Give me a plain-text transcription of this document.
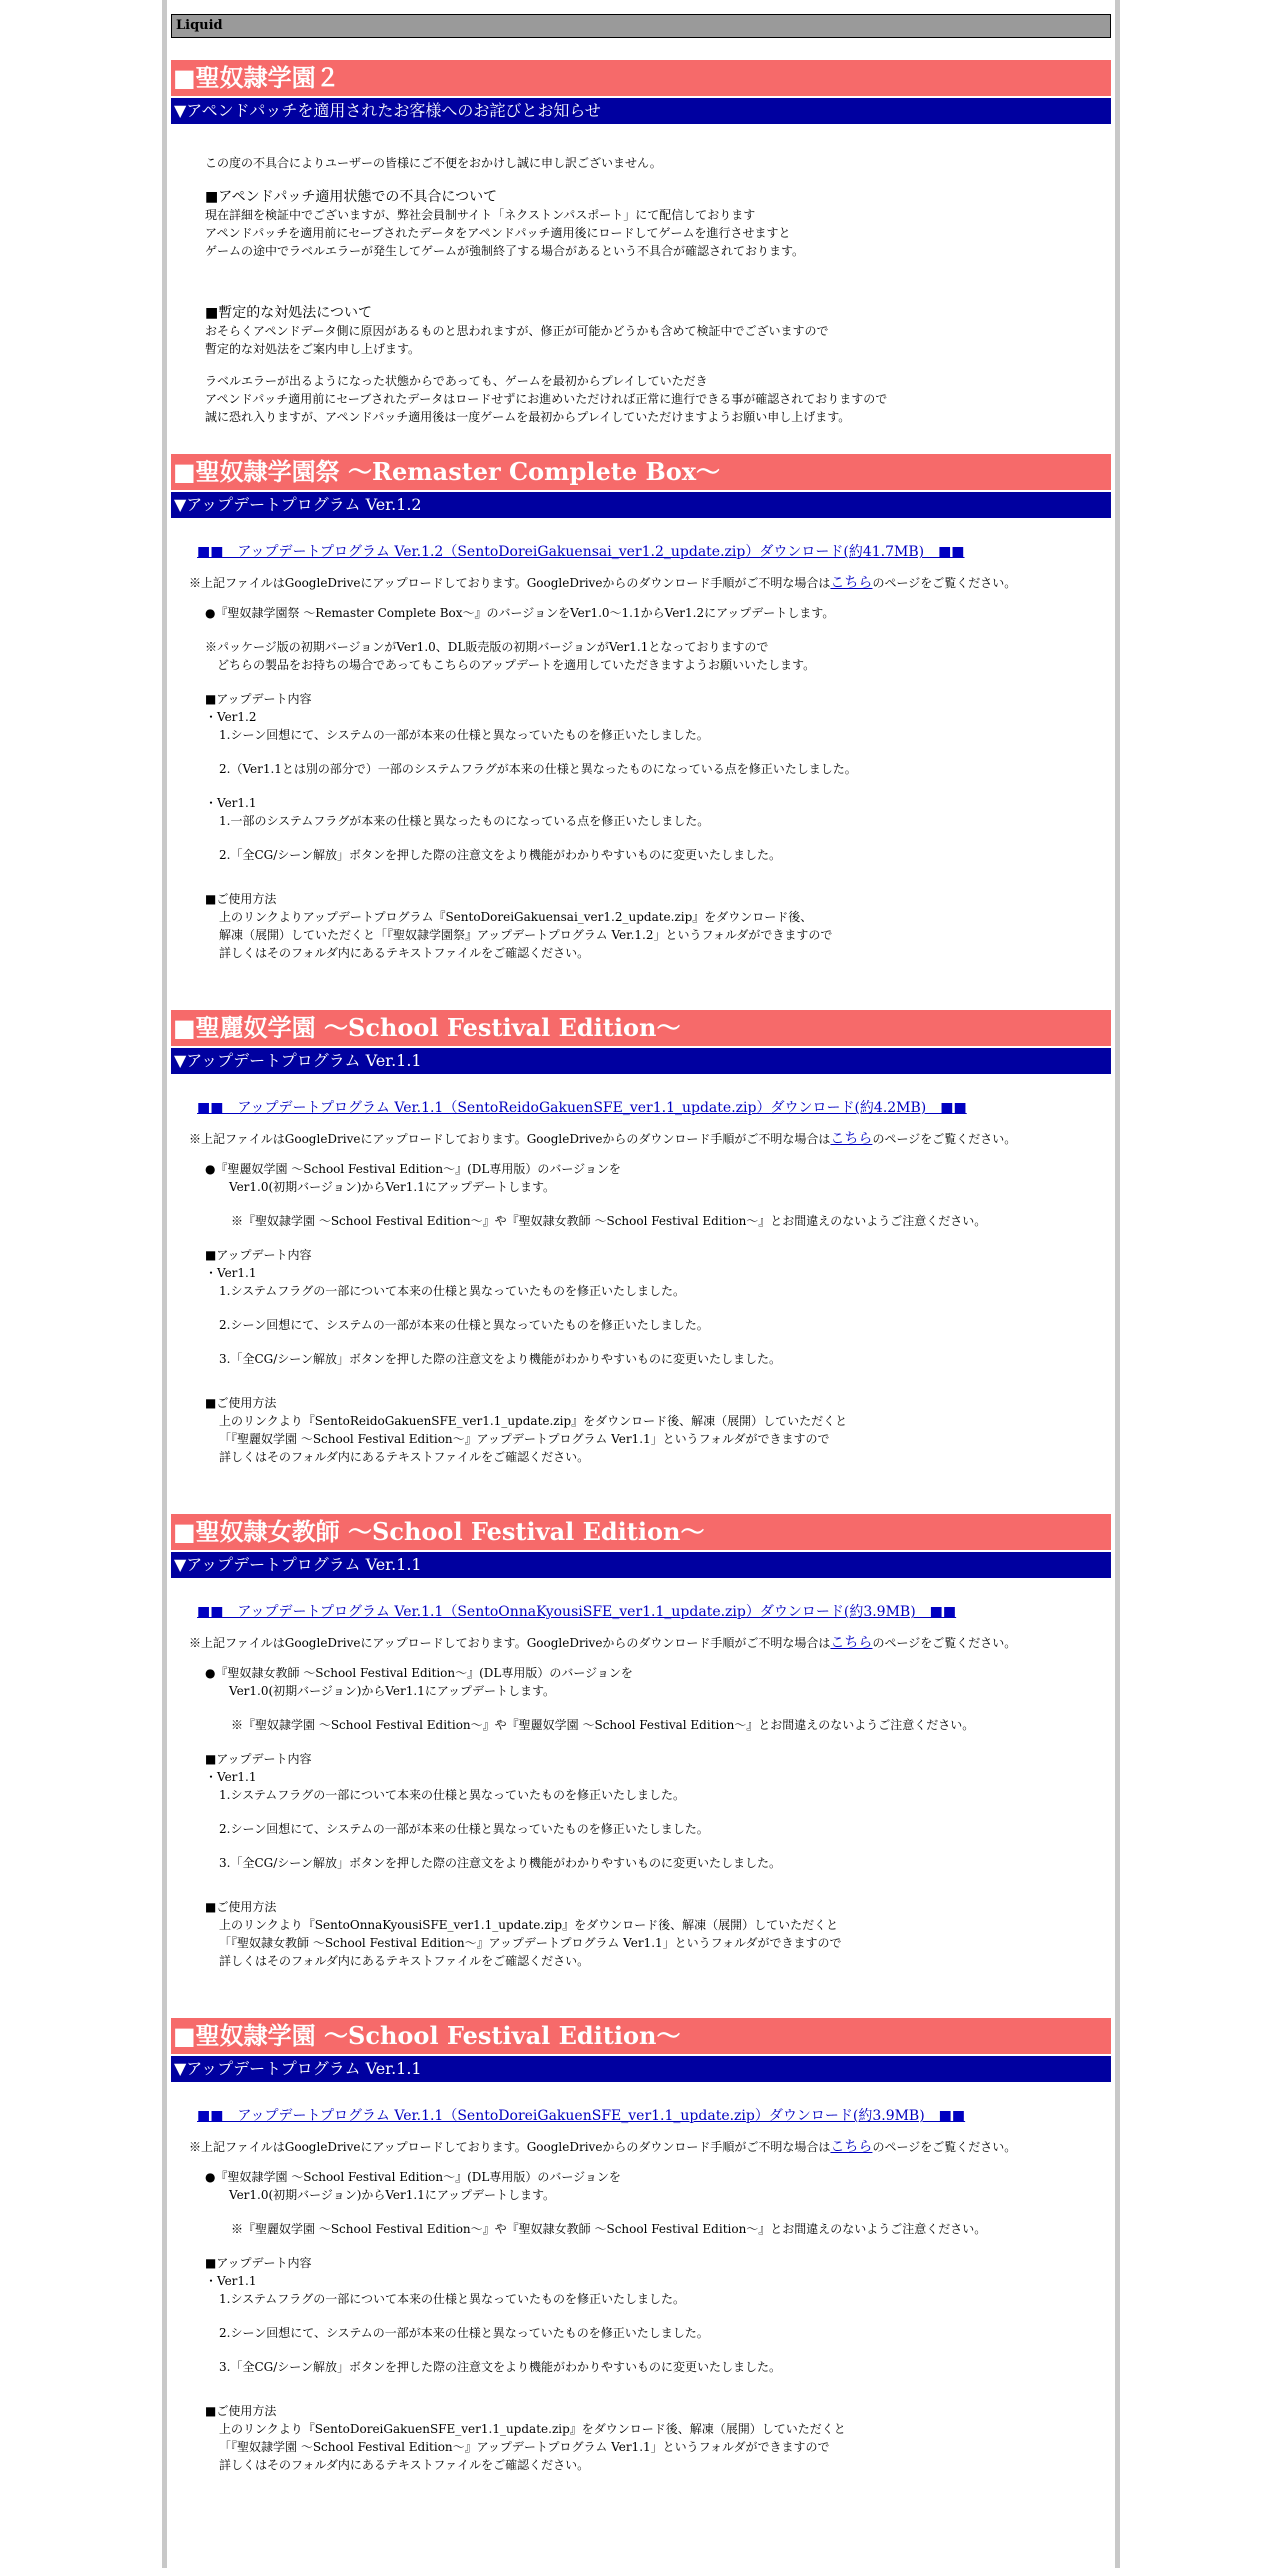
Liquid
■聖奴隷学園２
▼アペンドパッチを適用されたお客様へのお詫びとお知らせ

この度の不具合によりユーザーの皆様にご不便をおかけし誠に申し訳ございません。

■アペンドパッチ適用状態での不具合について

現在詳細を検証中でございますが、弊社会員制サイト「ネクストンパスポート」にて配信しております

アペンドパッチを適用前にセーブされたデータをアペンドパッチ適用後にロードしてゲームを進行させますと

ゲームの途中でラベルエラーが発生してゲームが強制終了する場合があるという不具合が確認されております。

■暫定的な対処法について

おそらくアペンドデータ側に原因があるものと思われますが、修正が可能かどうかも含めて検証中でございますので

暫定的な対処法をご案内申し上げます。

ラベルエラーが出るようになった状態からであっても、ゲームを最初からプレイしていただき

アペンドパッチ適用前にセーブされたデータはロードせずにお進めいただければ正常に進行できる事が確認されておりますので

誠に恐れ入りますが、アペンドパッチ適用後は一度ゲームを最初からプレイしていただけますようお願い申し上げます。

■聖奴隷学園祭 ～Remaster Complete Box～
▼アップデートプログラム Ver.1.2
■■　アップデートプログラム Ver.1.2（SentoDoreiGakuensai_ver1.2_update.zip）ダウンロード(約41.7MB)　■■
※上記ファイルはGoogleDriveにアップロードしております。GoogleDriveからのダウンロード手順がご不明な場合はこちらのページをご覧ください。

●『聖奴隷学園祭 ～Remaster Complete Box～』のバージョンをVer1.0～1.1からVer1.2にアップデートします。

※パッケージ版の初期バージョンがVer1.0、DL販売版の初期バージョンがVer1.1となっておりますので

　どちらの製品をお持ちの場合であってもこちらのアップデートを適用していただきますようお願いいたします。

■アップデート内容

・Ver1.2

1.シーン回想にて、システムの一部が本来の仕様と異なっていたものを修正いたしました。

2.（Ver1.1とは別の部分で）一部のシステムフラグが本来の仕様と異なったものになっている点を修正いたしました。

・Ver1.1

1.一部のシステムフラグが本来の仕様と異なったものになっている点を修正いたしました。

2.「全CG/シーン解放」ボタンを押した際の注意文をより機能がわかりやすいものに変更いたしました。

■ご使用方法

上のリンクよりアップデートプログラム『SentoDoreiGakuensai_ver1.2_update.zip』をダウンロード後、

解凍（展開）していただくと「『聖奴隷学園祭』アップデートプログラム Ver.1.2」というフォルダができますので

詳しくはそのフォルダ内にあるテキストファイルをご確認ください。

■聖麗奴学園 ～School Festival Edition～
▼アップデートプログラム Ver.1.1
■■　アップデートプログラム Ver.1.1（SentoReidoGakuenSFE_ver1.1_update.zip）ダウンロード(約4.2MB)　■■
※上記ファイルはGoogleDriveにアップロードしております。GoogleDriveからのダウンロード手順がご不明な場合はこちらのページをご覧ください。

●『聖麗奴学園 ～School Festival Edition～』(DL専用版）のバージョンを

　　Ver1.0(初期バージョン)からVer1.1にアップデートします。

　※『聖奴隷学園 ～School Festival Edition～』や『聖奴隷女教師 ～School Festival Edition～』とお間違えのないようご注意ください。

■アップデート内容

・Ver1.1

1.システムフラグの一部について本来の仕様と異なっていたものを修正いたしました。

2.シーン回想にて、システムの一部が本来の仕様と異なっていたものを修正いたしました。

3.「全CG/シーン解放」ボタンを押した際の注意文をより機能がわかりやすいものに変更いたしました。

■ご使用方法

上のリンクより『SentoReidoGakuenSFE_ver1.1_update.zip』をダウンロード後、解凍（展開）していただくと

「『聖麗奴学園 ～School Festival Edition～』アップデートプログラム Ver1.1」というフォルダができますので

詳しくはそのフォルダ内にあるテキストファイルをご確認ください。

■聖奴隷女教師 ～School Festival Edition～
▼アップデートプログラム Ver.1.1
■■　アップデートプログラム Ver.1.1（SentoOnnaKyousiSFE_ver1.1_update.zip）ダウンロード(約3.9MB)　■■
※上記ファイルはGoogleDriveにアップロードしております。GoogleDriveからのダウンロード手順がご不明な場合はこちらのページをご覧ください。

●『聖奴隷女教師 ～School Festival Edition～』(DL専用版）のバージョンを

　　Ver1.0(初期バージョン)からVer1.1にアップデートします。

　※『聖奴隷学園 ～School Festival Edition～』や『聖麗奴学園 ～School Festival Edition～』とお間違えのないようご注意ください。

■アップデート内容

・Ver1.1

1.システムフラグの一部について本来の仕様と異なっていたものを修正いたしました。

2.シーン回想にて、システムの一部が本来の仕様と異なっていたものを修正いたしました。

3.「全CG/シーン解放」ボタンを押した際の注意文をより機能がわかりやすいものに変更いたしました。

■ご使用方法

上のリンクより『SentoOnnaKyousiSFE_ver1.1_update.zip』をダウンロード後、解凍（展開）していただくと

「『聖奴隷女教師 ～School Festival Edition～』アップデートプログラム Ver1.1」というフォルダができますので

詳しくはそのフォルダ内にあるテキストファイルをご確認ください。

■聖奴隷学園 ～School Festival Edition～
▼アップデートプログラム Ver.1.1
■■　アップデートプログラム Ver.1.1（SentoDoreiGakuenSFE_ver1.1_update.zip）ダウンロード(約3.9MB)　■■
※上記ファイルはGoogleDriveにアップロードしております。GoogleDriveからのダウンロード手順がご不明な場合はこちらのページをご覧ください。

●『聖奴隷学園 ～School Festival Edition～』(DL専用版）のバージョンを

　　Ver1.0(初期バージョン)からVer1.1にアップデートします。

　※『聖麗奴学園 ～School Festival Edition～』や『聖奴隷女教師 ～School Festival Edition～』とお間違えのないようご注意ください。

■アップデート内容

・Ver1.1

1.システムフラグの一部について本来の仕様と異なっていたものを修正いたしました。

2.シーン回想にて、システムの一部が本来の仕様と異なっていたものを修正いたしました。

3.「全CG/シーン解放」ボタンを押した際の注意文をより機能がわかりやすいものに変更いたしました。

■ご使用方法

上のリンクより『SentoDoreiGakuenSFE_ver1.1_update.zip』をダウンロード後、解凍（展開）していただくと

「『聖奴隷学園 ～School Festival Edition～』アップデートプログラム Ver1.1」というフォルダができますので

詳しくはそのフォルダ内にあるテキストファイルをご確認ください。
